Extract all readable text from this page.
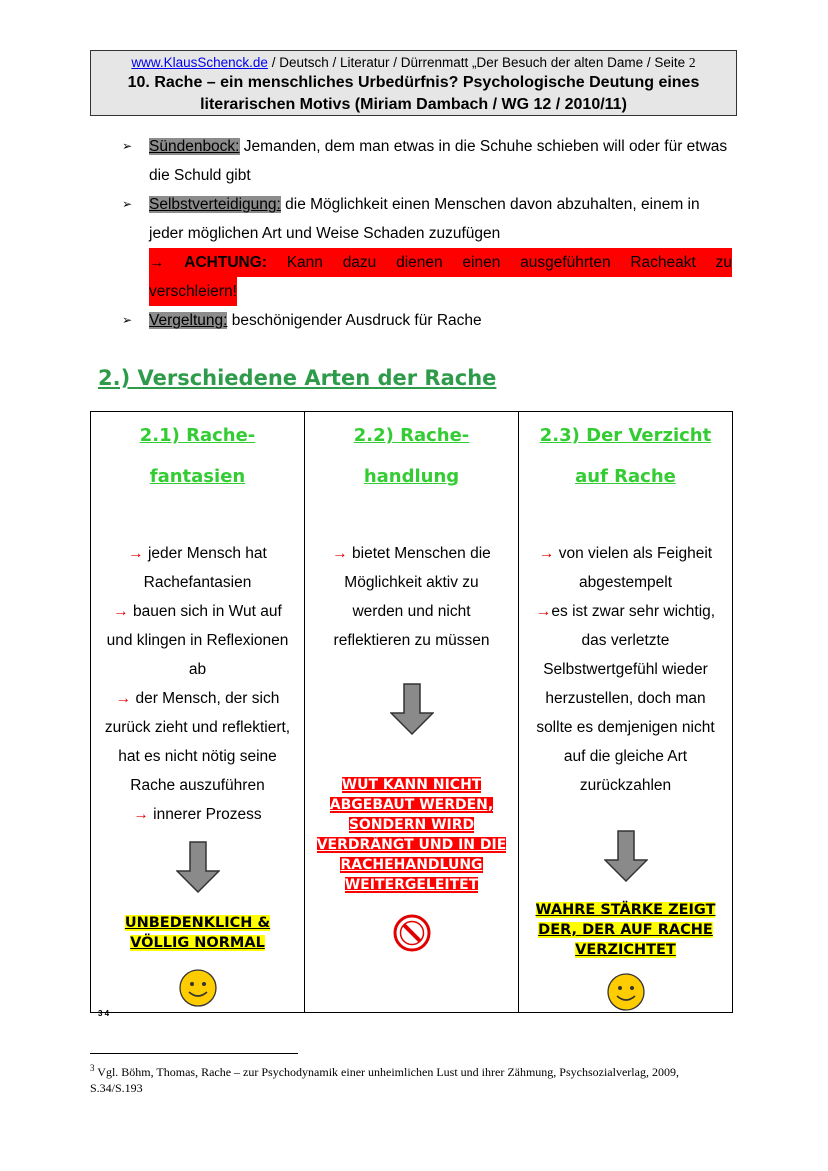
www.KlausSchenck.de / Deutsch / Literatur / Dürrenmatt „Der Besuch der alten Dame / Seite 2
10. Rache – ein menschliches Urbedürfnis? Psychologische Deutung eines
literarischen Motivs (Miriam Dambach / WG 12 / 2010/11)
➢ Sündenbock: Jemanden, dem man etwas in die Schuhe schieben will oder für etwas die Schuld gibt
➢ Selbstverteidigung: die Möglichkeit einen Menschen davon abzuhalten, einem in jeder möglichen Art und Weise Schaden zuzufügen
→ ACHTUNG: Kann dazu dienen einen ausgeführten Racheakt zu
verschleiern!
➢ Vergeltung: beschönigender Ausdruck für Rache
2.) Verschiedene Arten der Rache
2.1) Rache-
fantasien
→ jeder Mensch hat
Rachefantasien
→ bauen sich in Wut auf
und klingen in Reflexionen
ab
→ der Mensch, der sich
zurück zieht und reflektiert,
hat es nicht nötig seine
Rache auszuführen
→ innerer Prozess
UNBEDENKLICH &
VÖLLIG NORMAL

2.2) Rache-
handlung
→ bietet Menschen die
Möglichkeit aktiv zu
werden und nicht
reflektieren zu müssen
WUT KANN NICHT
ABGEBAUT WERDEN,
SONDERN WIRD
VERDRÄNGT UND IN DIE
RACHEHANDLUNG
WEITERGELEITET

2.3) Der Verzicht
auf Rache
→ von vielen als Feigheit
abgestempelt
→es ist zwar sehr wichtig,
das verletzte
Selbstwertgefühl wieder
herzustellen, doch man
sollte es demjenigen nicht
auf die gleiche Art
zurückzahlen
WAHRE STÄRKE ZEIGT
DER, DER AUF RACHE
VERZICHTET
3 4
$^3$ Vgl. Böhm, Thomas, Rache – zur Psychodynamik einer unheimlichen Lust und ihrer Zähmung, Psychsozialverlag, 2009, S.34/S.193
